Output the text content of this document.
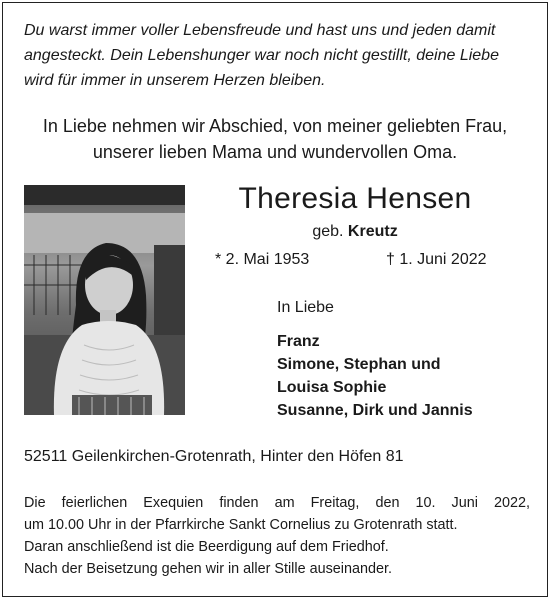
Du warst immer voller Lebensfreude und hast uns und jeden damit
angesteckt. Dein Lebenshunger war noch nicht gestillt, deine Liebe
wird für immer in unserem Herzen bleiben.
In Liebe nehmen wir Abschied, von meiner geliebten Frau,
unserer lieben Mama und wundervollen Oma.
Theresia Hensen
geb. Kreutz
* 2. Mai 1953	† 1. Juni 2022
In Liebe
Franz
Simone, Stephan und
Louisa Sophie
Susanne, Dirk und Jannis
52511 Geilenkirchen-Grotenrath, Hinter den Höfen 81
Die feierlichen Exequien finden am Freitag, den 10. Juni 2022,
um 10.00 Uhr in der Pfarrkirche Sankt Cornelius zu Grotenrath statt.
Daran anschließend ist die Beerdigung auf dem Friedhof.
Nach der Beisetzung gehen wir in aller Stille auseinander.
